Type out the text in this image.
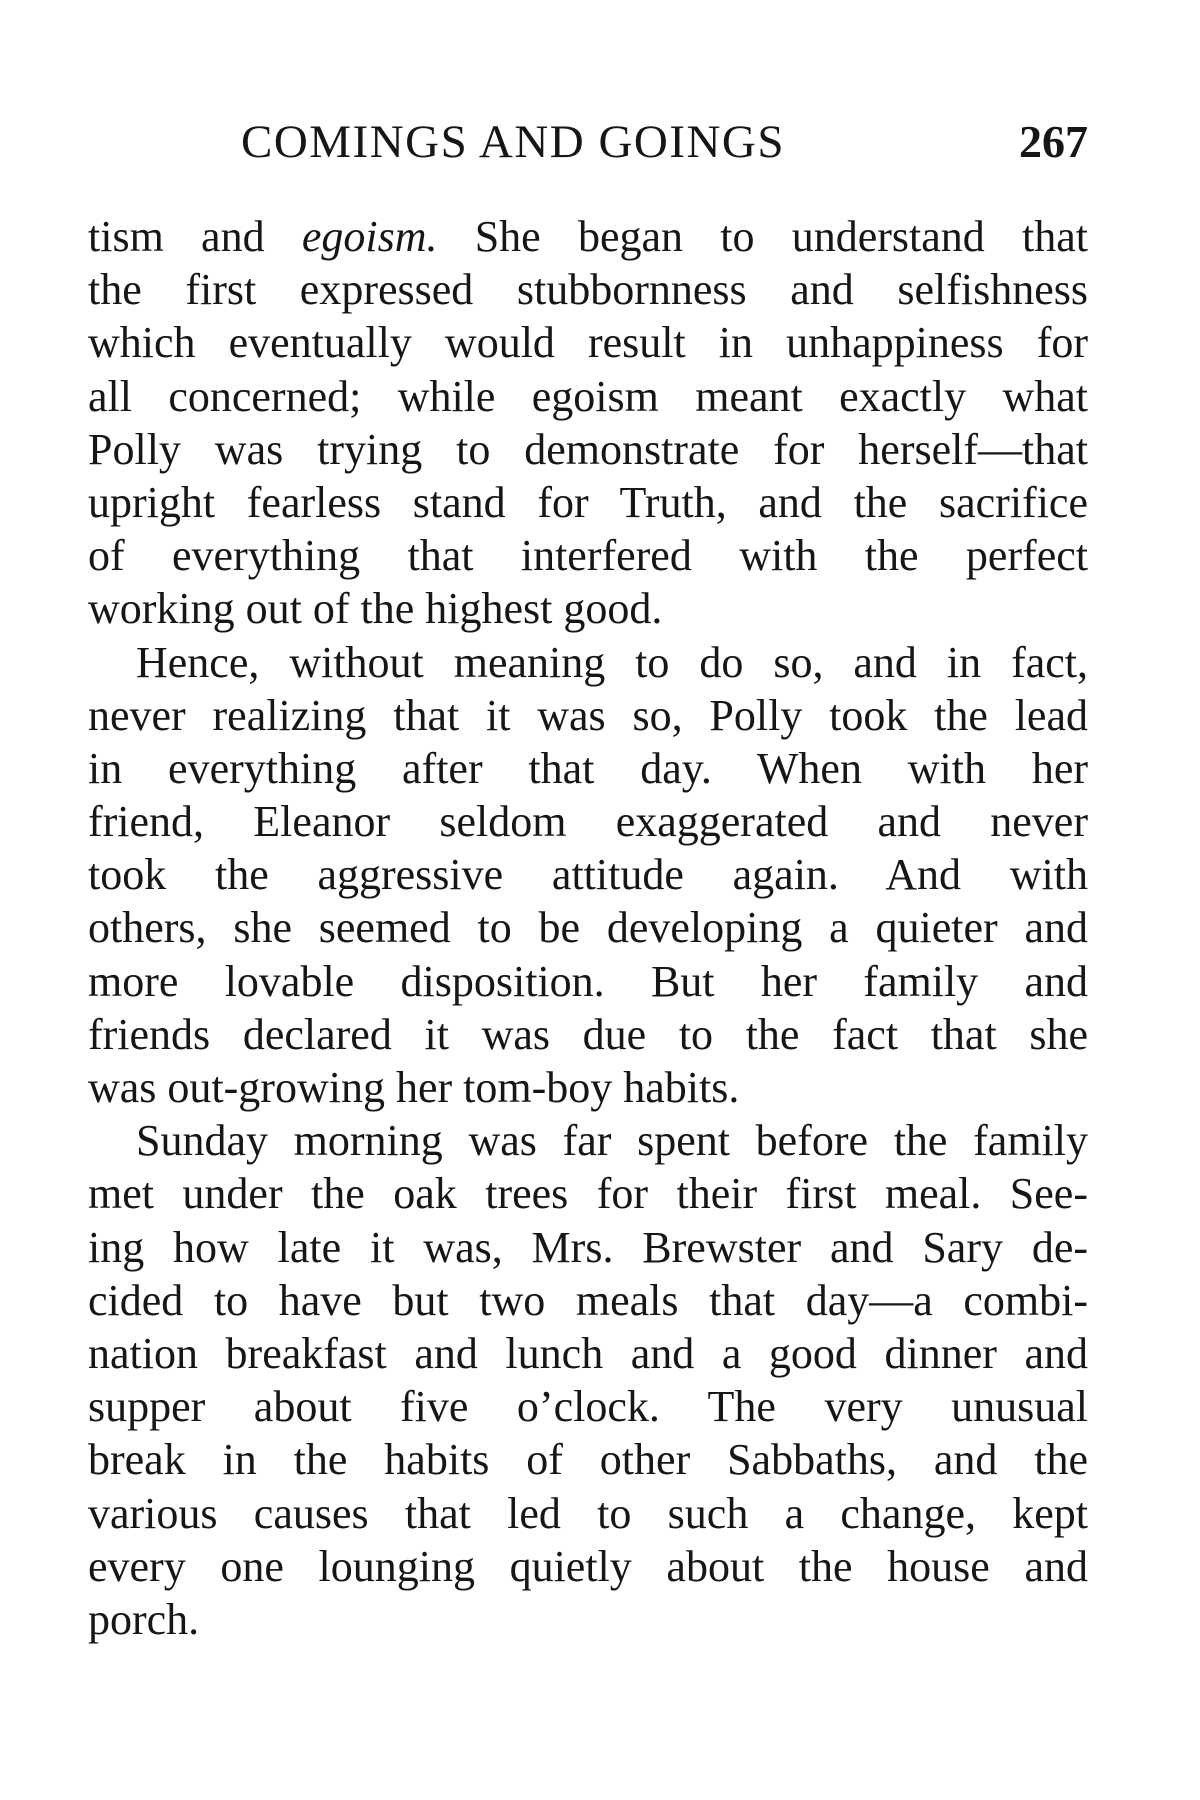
COMINGS AND GOINGS	267
tism and egoism. She began to understand that
the first expressed stubbornness and selfishness
which eventually would result in unhappiness for
all concerned; while egoism meant exactly what
Polly was trying to demonstrate for herself—that
upright fearless stand for Truth, and the sacrifice
of everything that interfered with the perfect
working out of the highest good.
Hence, without meaning to do so, and in fact,
never realizing that it was so, Polly took the lead
in everything after that day. When with her
friend, Eleanor seldom exaggerated and never
took the aggressive attitude again. And with
others, she seemed to be developing a quieter and
more lovable disposition. But her family and
friends declared it was due to the fact that she
was out-growing her tom-boy habits.
Sunday morning was far spent before the family
met under the oak trees for their first meal. See-
ing how late it was, Mrs. Brewster and Sary de-
cided to have but two meals that day—a combi-
nation breakfast and lunch and a good dinner and
supper about five o’clock. The very unusual
break in the habits of other Sabbaths, and the
various causes that led to such a change, kept
every one lounging quietly about the house and
porch.
